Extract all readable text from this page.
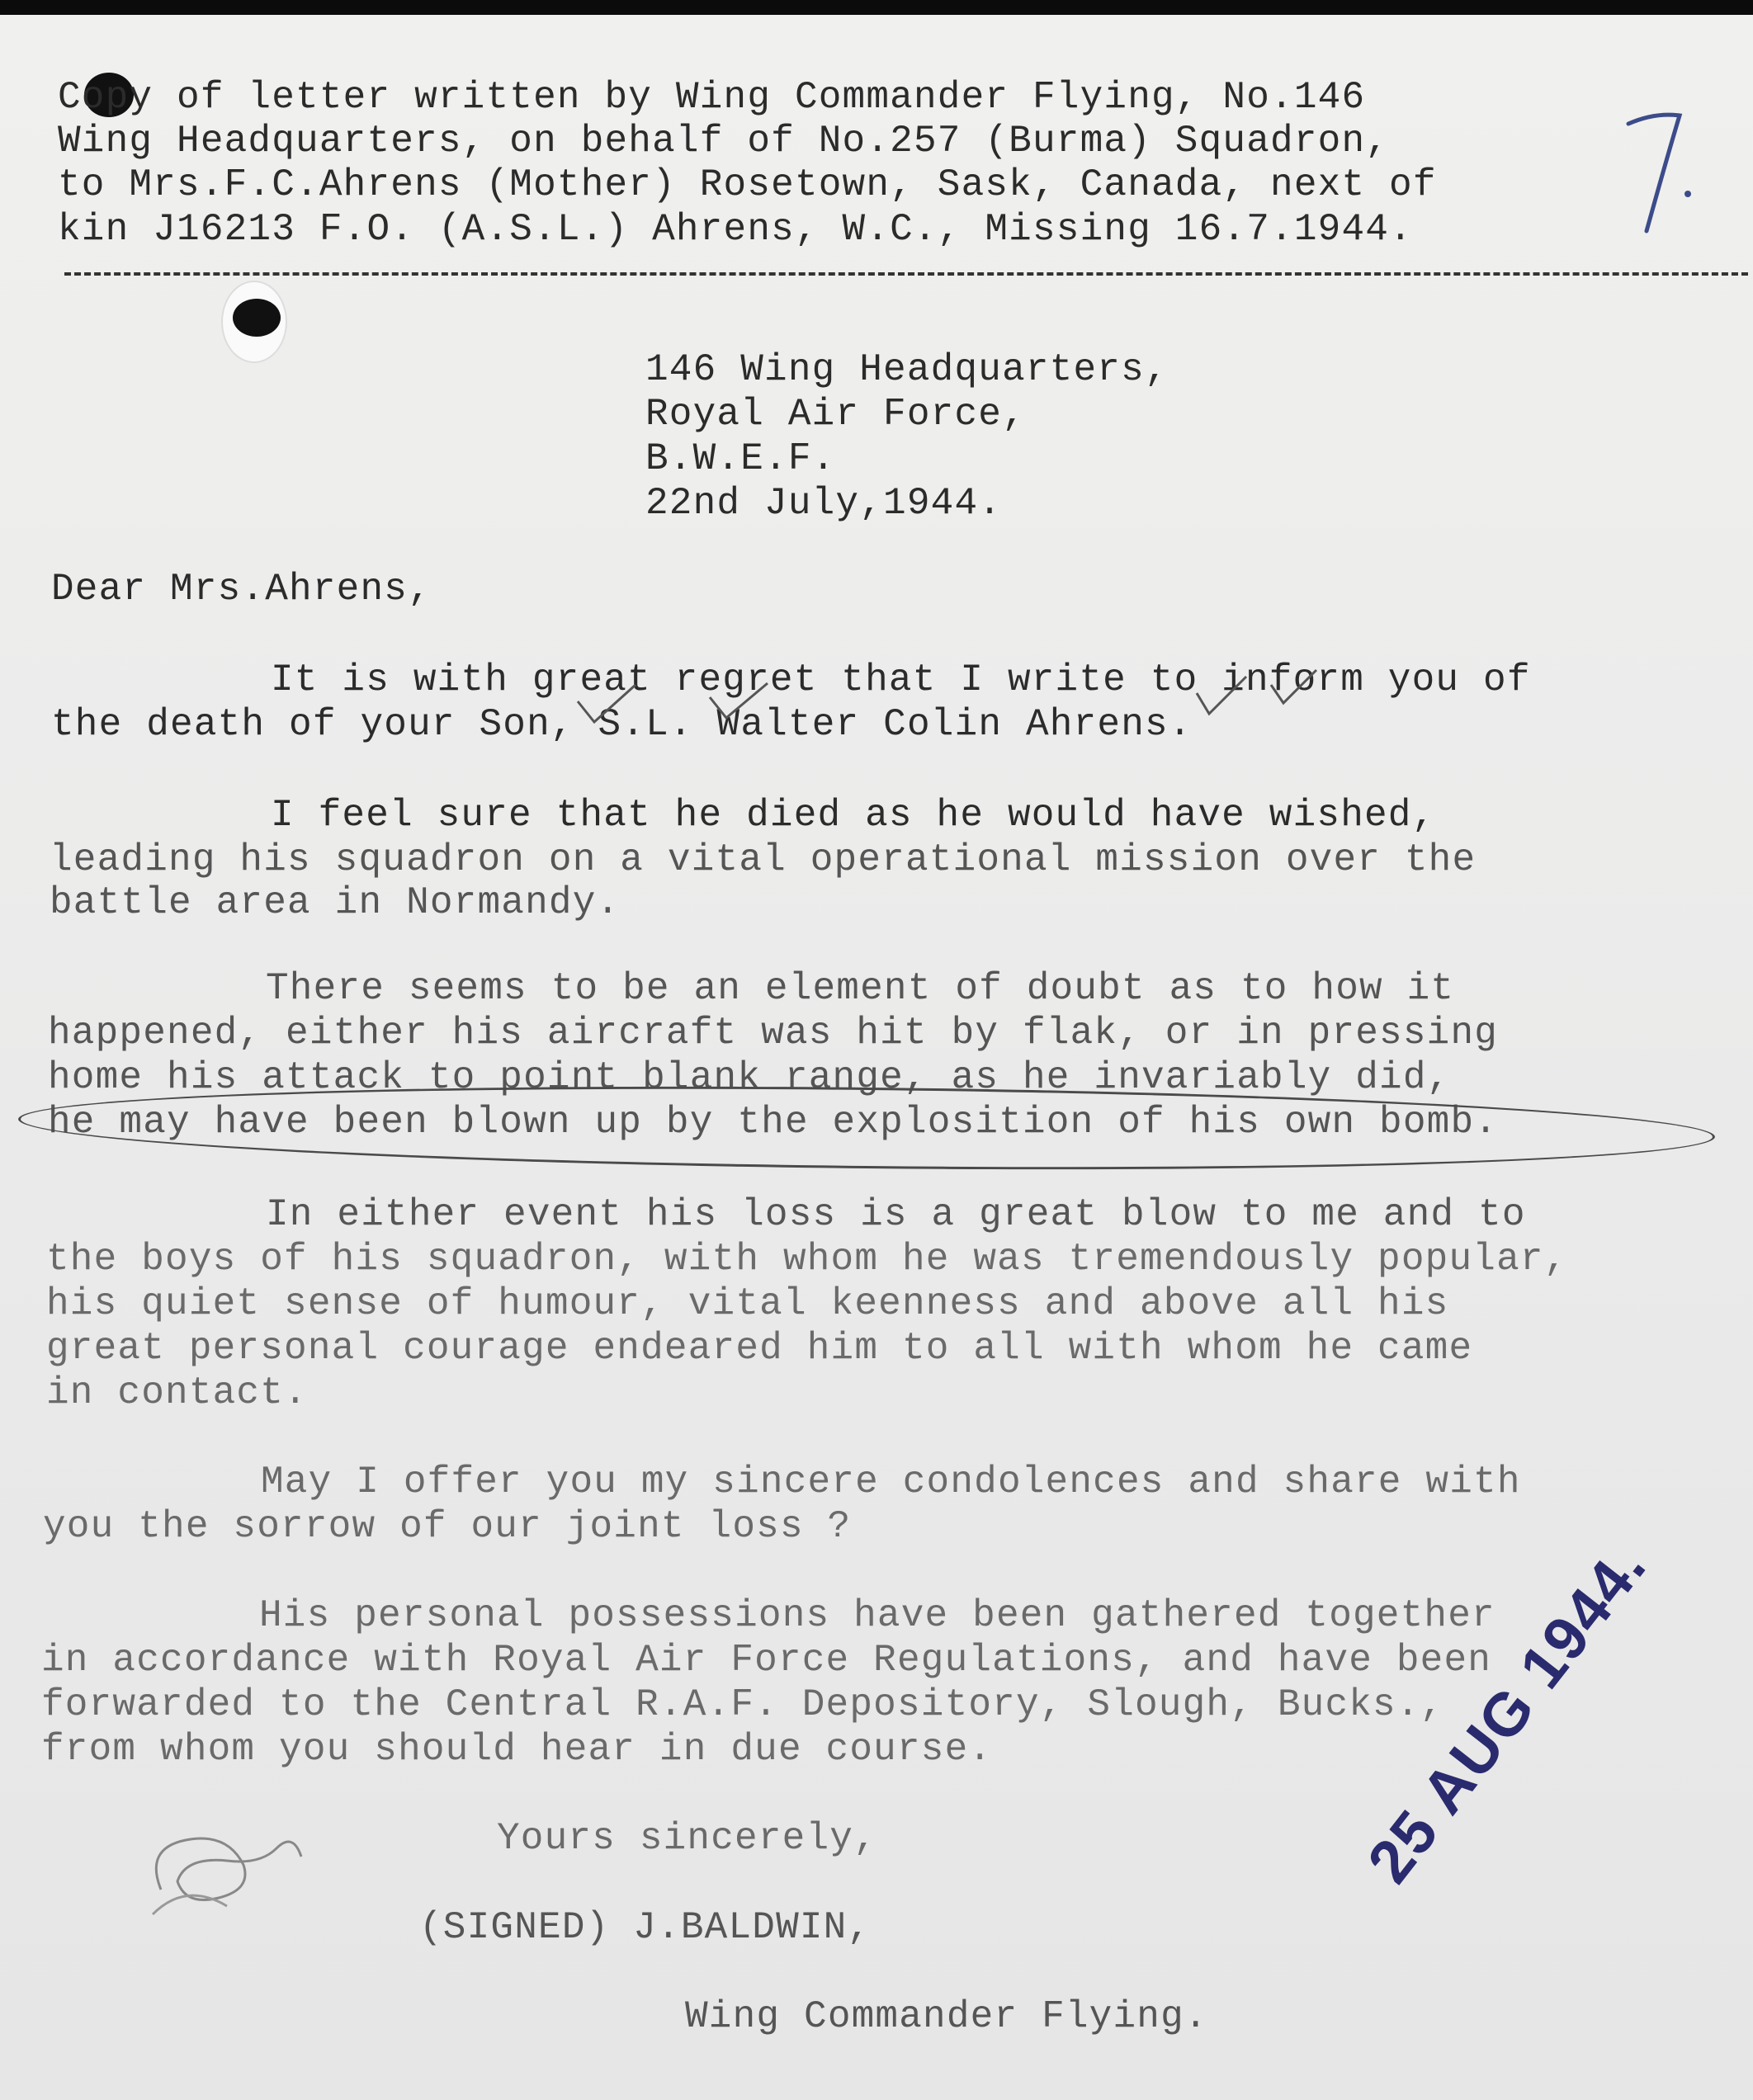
Copy of letter written by Wing Commander Flying, No.146
Wing Headquarters, on behalf of No.257 (Burma) Squadron,
to Mrs.F.C.Ahrens (Mother) Rosetown, Sask, Canada, next of
kin J16213 F.O. (A.S.L.) Ahrens, W.C., Missing 16.7.1944.
146 Wing Headquarters,
Royal Air Force,
B.W.E.F.
22nd July,1944.
Dear Mrs.Ahrens,
It is with great regret that I write to inform you of
the death of your Son, S.L. Walter Colin Ahrens.
I feel sure that he died as he would have wished,
leading his squadron on a vital operational mission over the
battle area in Normandy.
There seems to be an element of doubt as to how it
happened, either his aircraft was hit by flak, or in pressing
home his attack to point blank range, as he invariably did,
he may have been blown up by the explosition of his own bomb.
In either event his loss is a great blow to me and to
the boys of his squadron, with whom he was tremendously popular,
his quiet sense of humour, vital keenness and above all his
great personal courage endeared him to all with whom he came
in contact.
May I offer you my sincere condolences and share with
you the sorrow of our joint loss ?
His personal possessions have been gathered together
in accordance with Royal Air Force Regulations, and have been
forwarded to the Central R.A.F. Depository, Slough, Bucks.,
from whom you should hear in due course.
Yours sincerely,
(SIGNED) J.BALDWIN,
Wing Commander Flying.
25 AUG 1944.
